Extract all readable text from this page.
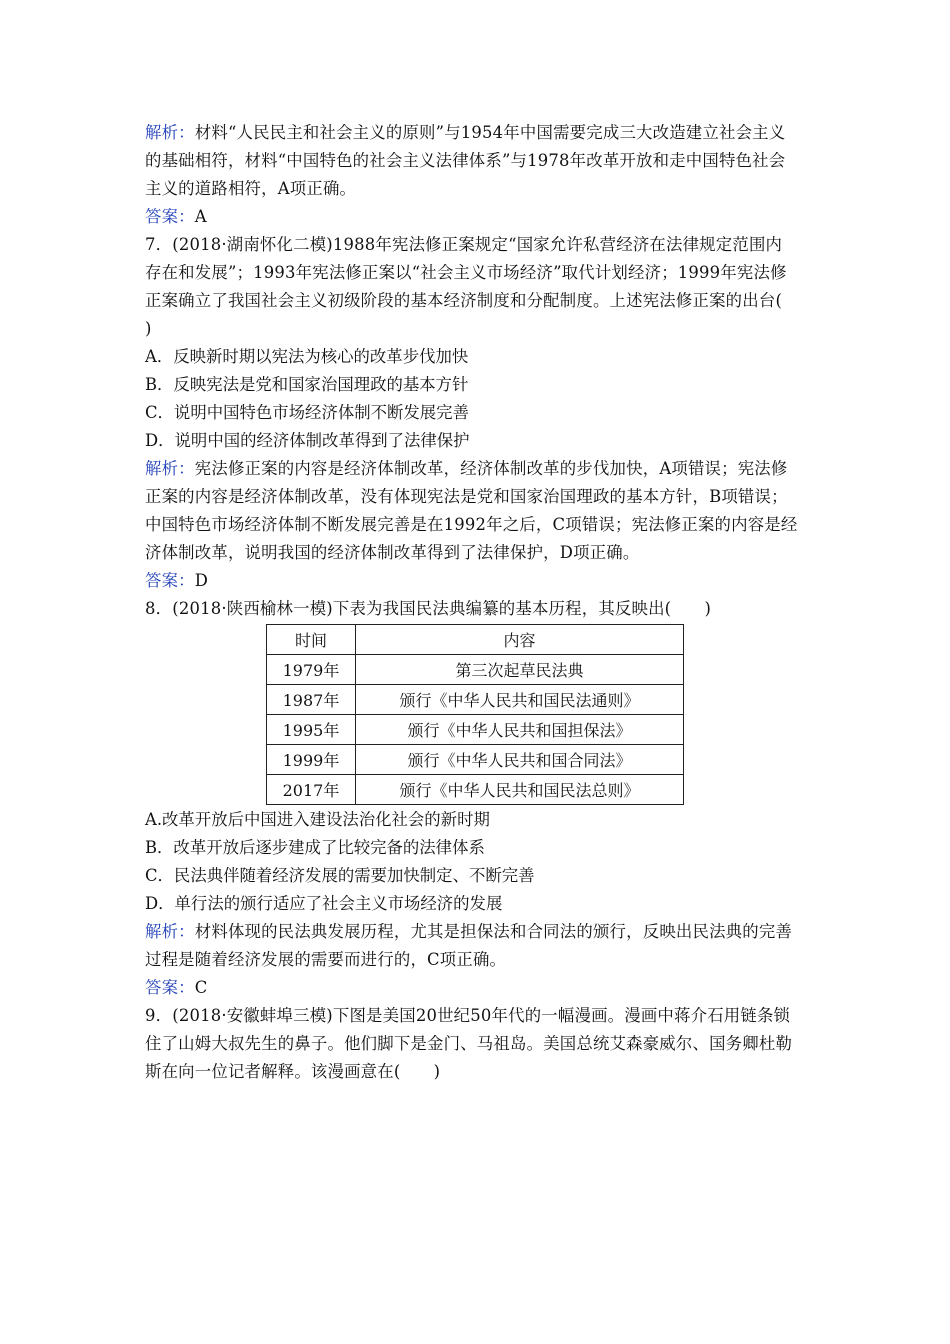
解析：材料“人民民主和社会主义的原则”与1954年中国需要完成三大改造建立社会主义
的基础相符，材料“中国特色的社会主义法律体系”与1978年改革开放和走中国特色社会
主义的道路相符，A项正确。
答案：A
7．(2018·湖南怀化二模)1988年宪法修正案规定“国家允许私营经济在法律规定范围内
存在和发展”；1993年宪法修正案以“社会主义市场经济”取代计划经济；1999年宪法修
正案确立了我国社会主义初级阶段的基本经济制度和分配制度。上述宪法修正案的出台(
)
A．反映新时期以宪法为核心的改革步伐加快
B．反映宪法是党和国家治国理政的基本方针
C．说明中国特色市场经济体制不断发展完善
D．说明中国的经济体制改革得到了法律保护
解析：宪法修正案的内容是经济体制改革，经济体制改革的步伐加快，A项错误；宪法修
正案的内容是经济体制改革，没有体现宪法是党和国家治国理政的基本方针，B项错误；
中国特色市场经济体制不断发展完善是在1992年之后，C项错误；宪法修正案的内容是经
济体制改革，说明我国的经济体制改革得到了法律保护，D项正确。
答案：D
8．(2018·陕西榆林一模)下表为我国民法典编纂的基本历程，其反映出(　　)
时间	内容
1979年	第三次起草民法典
1987年	颁行《中华人民共和国民法通则》
1995年	颁行《中华人民共和国担保法》
1999年	颁行《中华人民共和国合同法》
2017年	颁行《中华人民共和国民法总则》
A.改革开放后中国进入建设法治化社会的新时期
B．改革开放后逐步建成了比较完备的法律体系
C．民法典伴随着经济发展的需要加快制定、不断完善
D．单行法的颁行适应了社会主义市场经济的发展
解析：材料体现的民法典发展历程，尤其是担保法和合同法的颁行，反映出民法典的完善
过程是随着经济发展的需要而进行的，C项正确。
答案：C
9．(2018·安徽蚌埠三模)下图是美国20世纪50年代的一幅漫画。漫画中蒋介石用链条锁
住了山姆大叔先生的鼻子。他们脚下是金门、马祖岛。美国总统艾森豪威尔、国务卿杜勒
斯在向一位记者解释。该漫画意在(　　)
